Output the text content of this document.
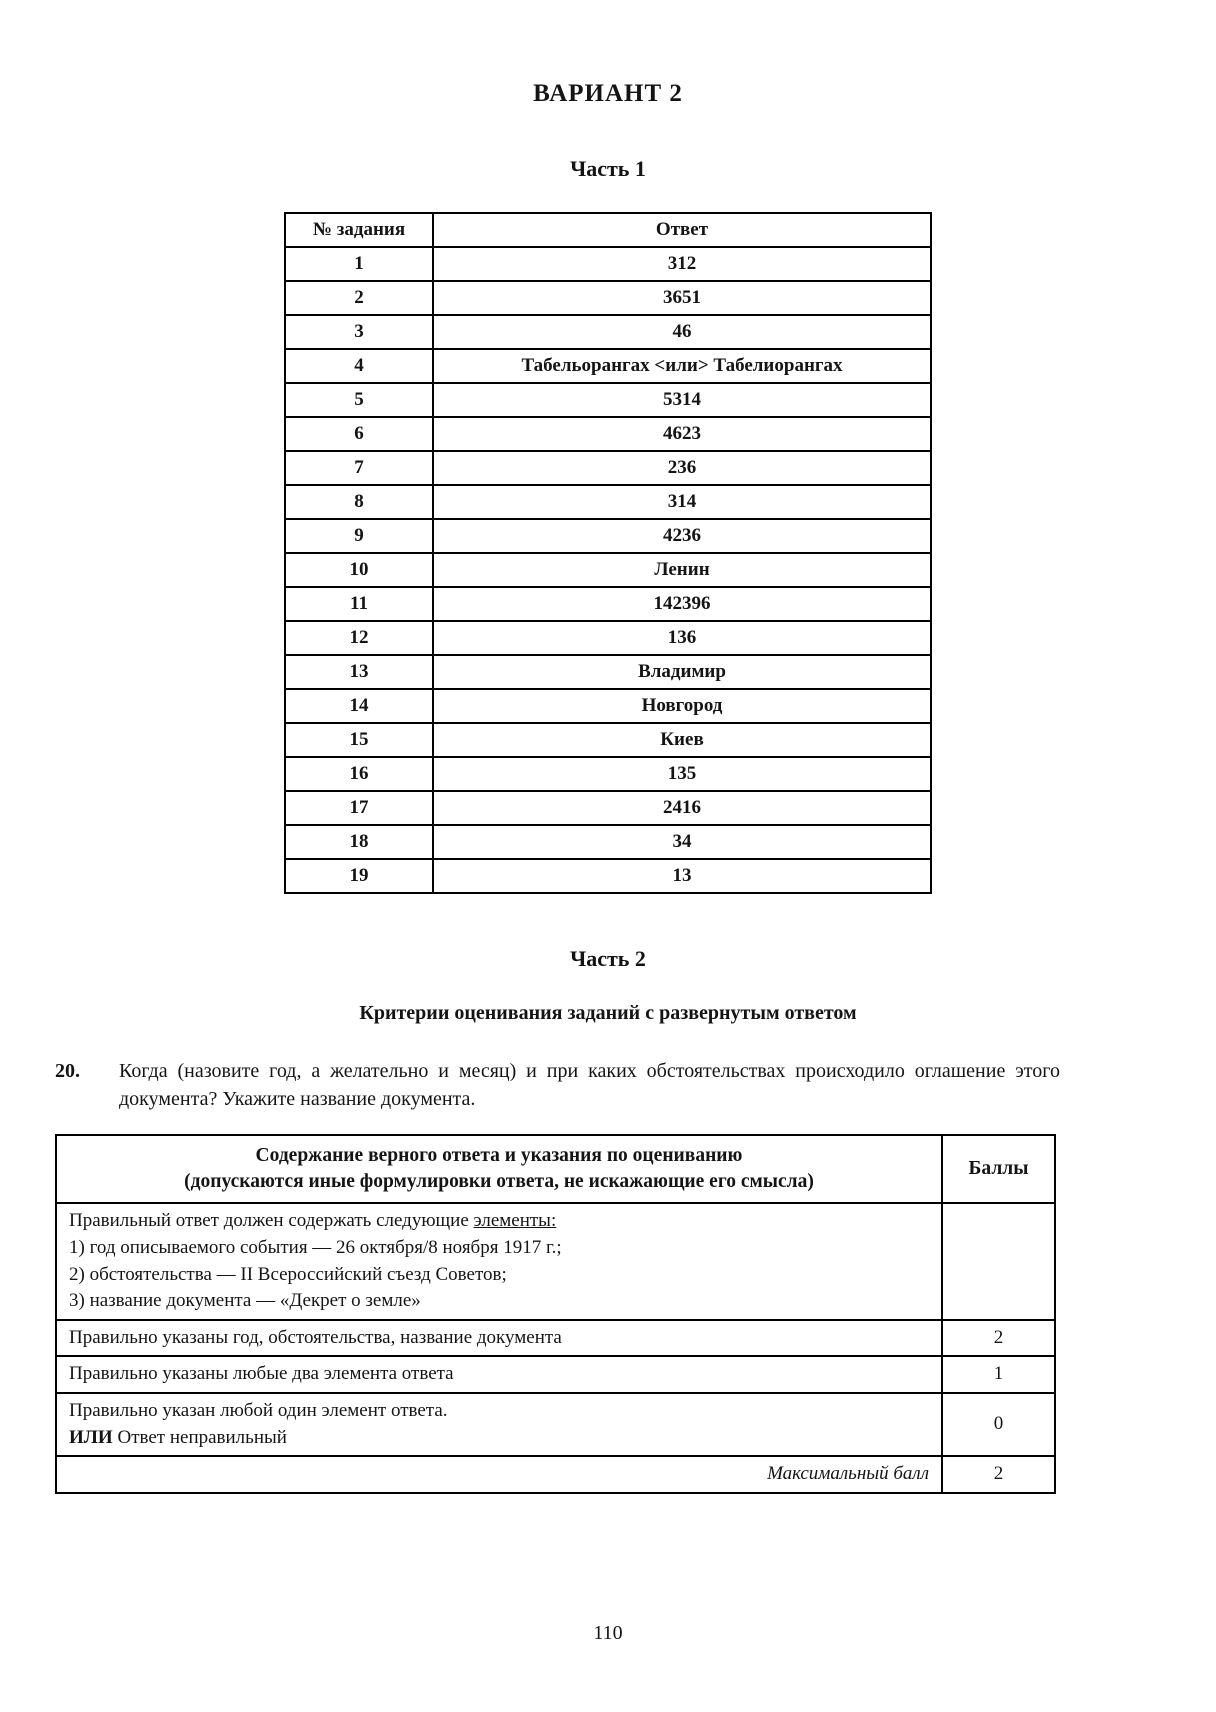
ВАРИАНТ 2
Часть 1
№ задания	Ответ
1	312
2	3651
3	46
4	Табельорангах <или> Табелиорангах
5	5314
6	4623
7	236
8	314
9	4236
10	Ленин
11	142396
12	136
13	Владимир
14	Новгород
15	Киев
16	135
17	2416
18	34
19	13
Часть 2
Критерии оценивания заданий с развернутым ответом
20.	Когда (назовите год, а желательно и месяц) и при каких обстоятельствах происходило оглашение этого документа? Укажите название документа.
Содержание верного ответа и указания по оцениванию
(допускаются иные формулировки ответа, не искажающие его смысла)	Баллы

Правильный ответ должен содержать следующие элементы:
1) год описываемого события — 26 октября/8 ноября 1917 г.;
2) обстоятельства — II Всероссийский съезд Советов;
3) название документа — «Декрет о земле»	

Правильно указаны год, обстоятельства, название документа	2
Правильно указаны любые два элемента ответа	1

Правильно указан любой один элемент ответа.
ИЛИ Ответ неправильный	0
Максимальный балл	2
110
